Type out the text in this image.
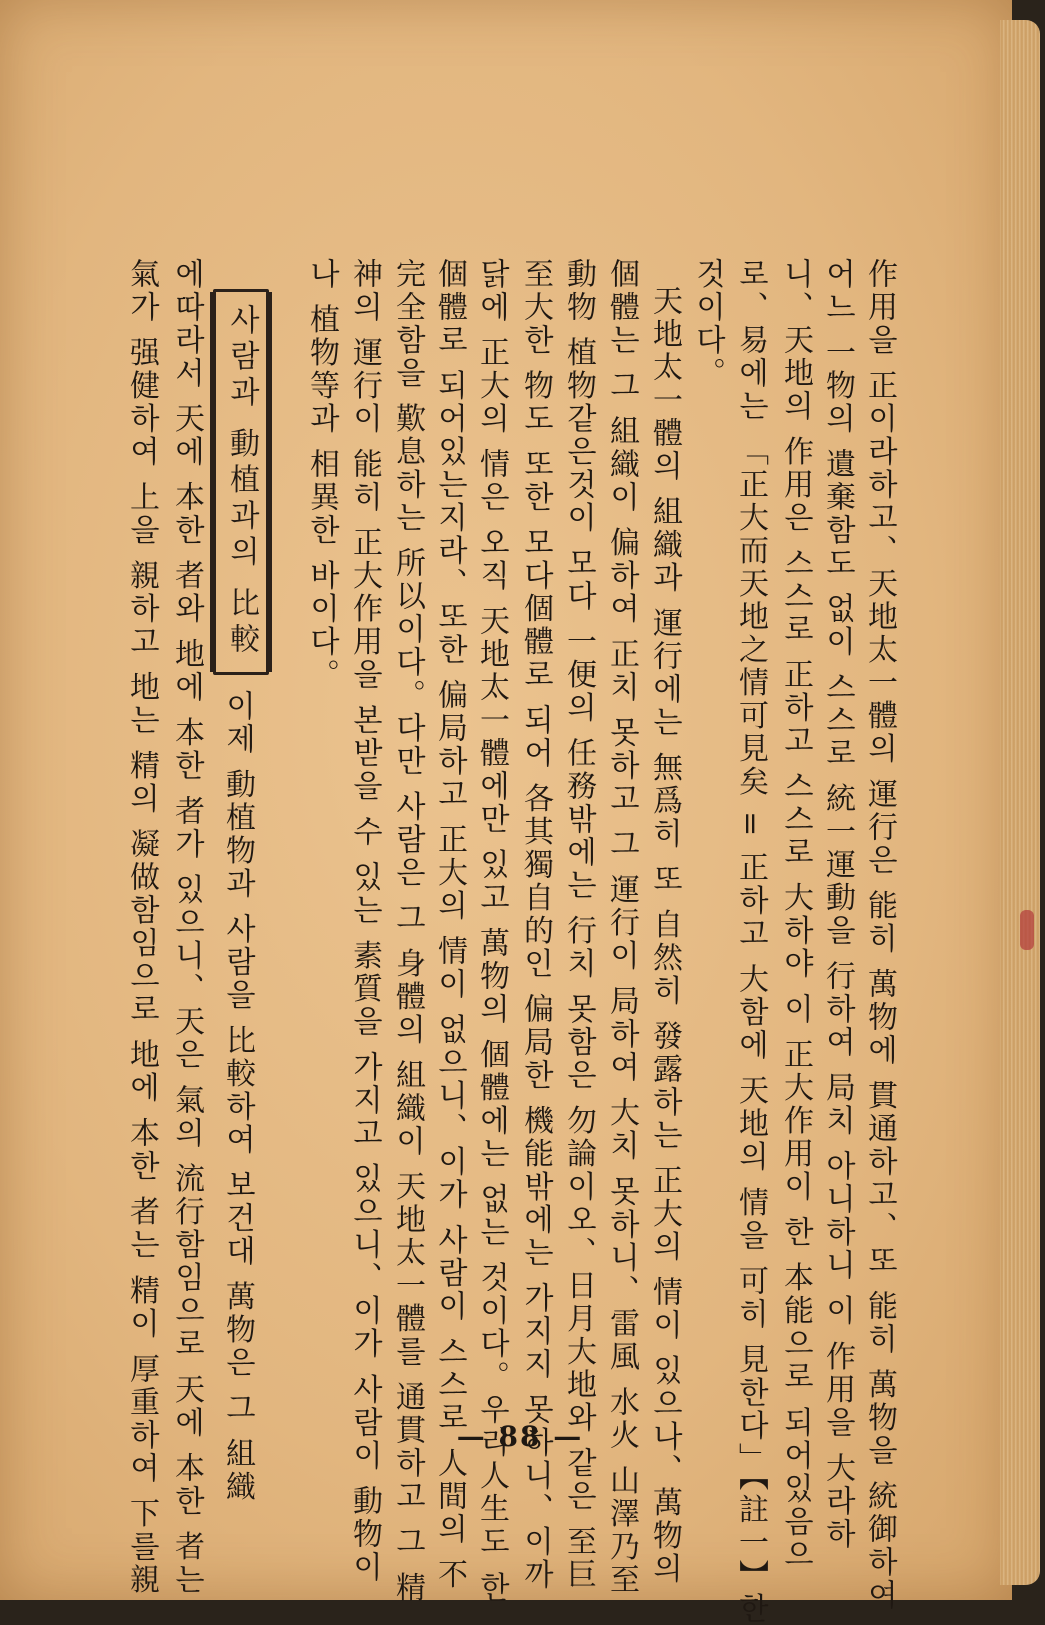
作用을 正이라하고、天地太一體의 運行은 能히 萬物에 貫通하고、또 能히 萬物을 統御하여
어느 一物의 遺棄함도 없이 스스로 統一運動을 行하여 局치 아니하니 이 作用을 大라하
니、天地의 作用은 스스로 正하고 스스로 大하야 이 正大作用이 한 本能으로 되어있음으
로、易에는 「正大而天地之情可見矣 = 正하고 大함에 天地의 情을 可히 見한다」【註一】한
것이다。
天地太一體의 組織과 運行에는 無爲히 또 自然히 發露하는 正大의 情이 있으나、萬物의
個體는 그 組織이 偏하여 正치 못하고 그 運行이 局하여 大치 못하니、雷風 水火 山澤乃至
動物 植物같은것이 모다 一便의 任務밖에는 行치 못함은 勿論이오、日月大地와 같은 至巨
至大한 物도 또한 모다個體로 되어 各其獨自的인 偏局한 機能밖에는 가지지 못하니、이까
닭에 正大의 情은 오직 天地太一體에만 있고 萬物의 個體에는 없는 것이다。우리人生도 한
個體로 되어있는지라、또한 偏局하고 正大의 情이 없으니、이가 사람이 스스로 人間의 不
完全함을 歎息하는 所以이다。다만 사람은 그 身體의 組織이 天地太一體를 通貫하고 그 精
神의 運行이 能히 正大作用을 본받을 수 있는 素質을 가지고 있으니、이가 사람이 動物이
나 植物等과 相異한 바이다。
사람과 動植과의 比較
이제 動植物과 사람을 比較하여 보건대 萬物은 그 組織
에따라서 天에 本한 者와 地에 本한 者가 있으니、天은 氣의 流行함임으로 天에 本한 者는
氣가 强健하여 上을 親하고 地는 精의 凝做함임으로 地에 本한 者는 精이 厚重하여 下를親	— 88 —
